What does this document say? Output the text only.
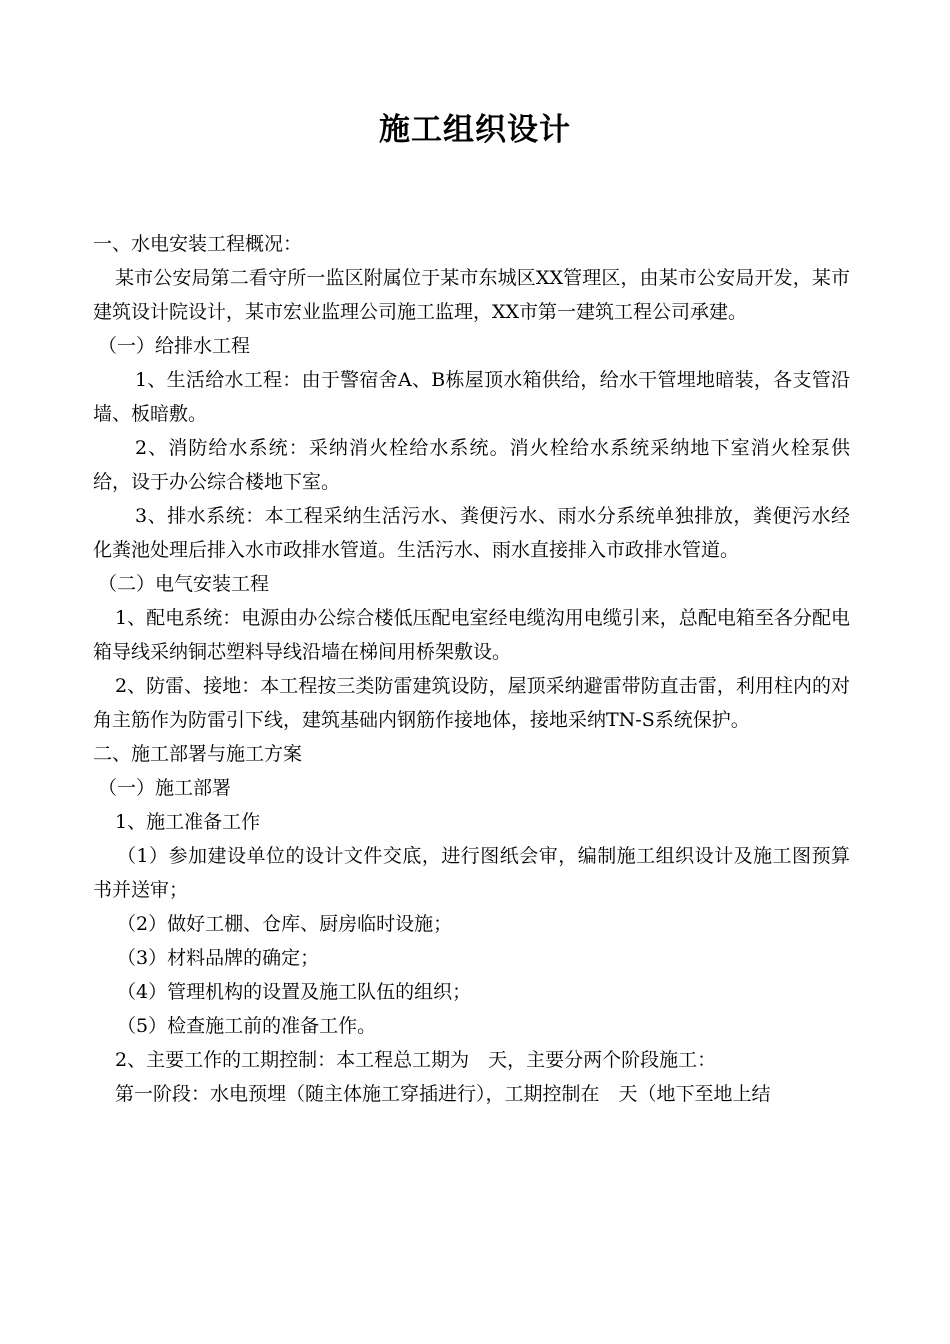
施工组织设计

一、水电安装工程概况：

某市公安局第二看守所一监区附属位于某市东城区XX管理区，由某市公安局开发，某市建筑设计院设计，某市宏业监理公司施工监理，XX市第一建筑工程公司承建。

（一）给排水工程

1、生活给水工程：由于警宿舍A、B栋屋顶水箱供给，给水干管埋地暗装，各支管沿墙、板暗敷。

2、消防给水系统：采纳消火栓给水系统。消火栓给水系统采纳地下室消火栓泵供给，设于办公综合楼地下室。

3、排水系统：本工程采纳生活污水、粪便污水、雨水分系统单独排放，粪便污水经化粪池处理后排入水市政排水管道。生活污水、雨水直接排入市政排水管道。

（二）电气安装工程

1、配电系统：电源由办公综合楼低压配电室经电缆沟用电缆引来，总配电箱至各分配电箱导线采纳铜芯塑料导线沿墙在梯间用桥架敷设。

2、防雷、接地：本工程按三类防雷建筑设防，屋顶采纳避雷带防直击雷，利用柱内的对角主筋作为防雷引下线，建筑基础内钢筋作接地体，接地采纳TN-S系统保护。

二、施工部署与施工方案

（一）施工部署

1、施工准备工作

（1）参加建设单位的设计文件交底，进行图纸会审，编制施工组织设计及施工图预算书并送审；

（2）做好工棚、仓库、厨房临时设施；

（3）材料品牌的确定；

（4）管理机构的设置及施工队伍的组织；

（5）检查施工前的准备工作。

2、主要工作的工期控制：本工程总工期为　天，主要分两个阶段施工：

第一阶段：水电预埋（随主体施工穿插进行），工期控制在　天（地下至地上结
